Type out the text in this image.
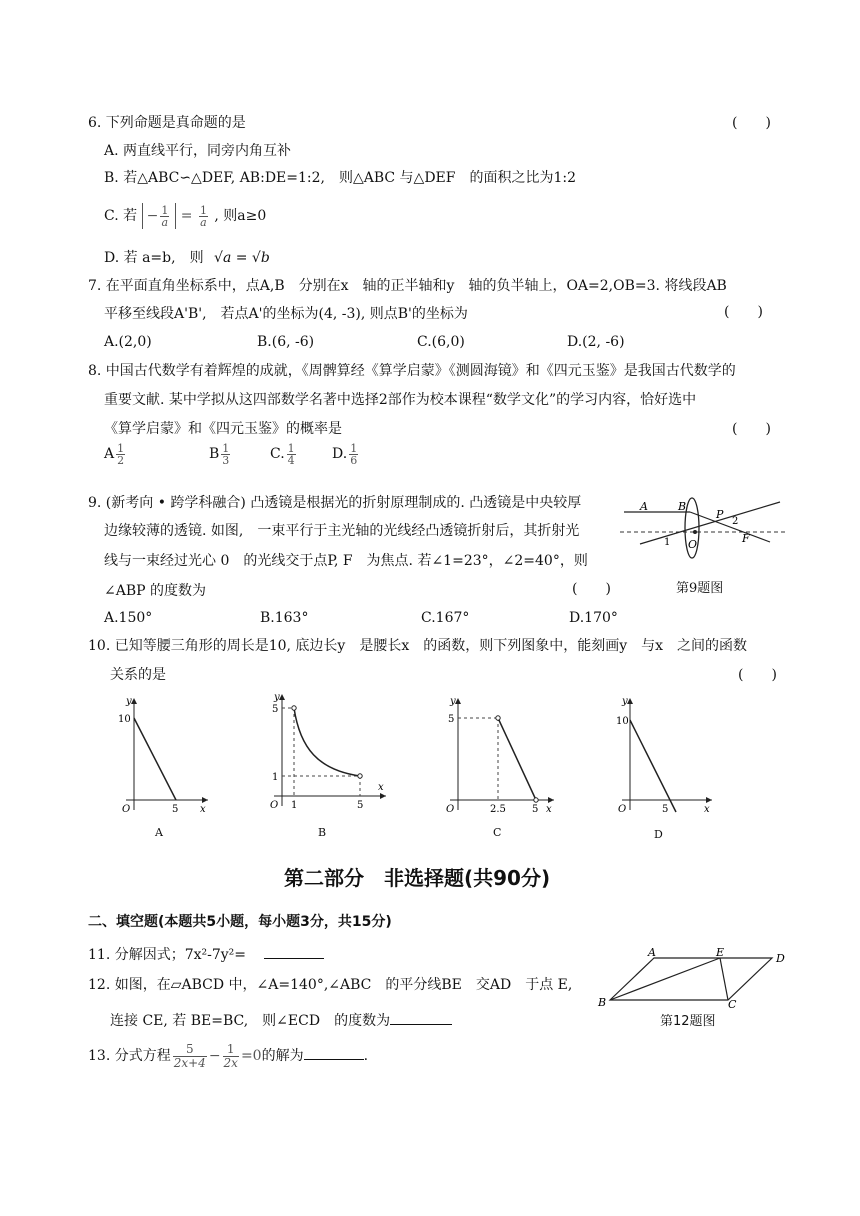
6. 下列命题是真命题的是	(　　)
A. 两直线平行，同旁内角互补
B. 若△ABC∽△DEF, AB:DE=1:2,　则△ABC 与△DEF　的面积之比为1:2
C. 若 − $\frac{1}{a} = \frac{1}{a}$ , 则a≥0
D. 若 a=b,　则 √a = √b
7. 在平面直角坐标系中，点A,B　分别在x　轴的正半轴和y　轴的负半轴上，OA=2,OB=3. 将线段AB
平移至线段A'B',　若点A'的坐标为(4, -3), 则点B'的坐标为	(　　)
A.(2,0)	B.(6, -6)	C.(6,0)	D.(2, -6)
8. 中国古代数学有着辉煌的成就，《周髀算经《算学启蒙》《测圆海镜》和《四元玉鉴》是我国古代数学的
重要文献. 某中学拟从这四部数学名著中选择2部作为校本课程“数学文化”的学习内容，恰好选中
《算学启蒙》和《四元玉鉴》的概率是	(　　)
A $\frac{1}{2}$	B $\frac{1}{3}$	C. $\frac{1}{4}$	D. $\frac{1}{6}$
9. (新考向 • 跨学科融合) 凸透镜是根据光的折射原理制成的. 凸透镜是中央较厚
边缘较薄的透镜. 如图,　一束平行于主光轴的光线经凸透镜折射后，其折射光
线与一束经过光心 0　的光线交于点P, F　为焦点. 若∠1=23°，∠2=40°，则
∠ABP 的度数为	(　　)
A.150°	B.163°	C.167°	D.170°
A	B
P
O	F
1
2
第9题图
10. 已知等腰三角形的周长是10, 底边长y　是腰长x　的函数，则下列图象中，能刻画y　与x　之间的函数
关系的是	(　　)
y
x
O
10
5
y
x
O
5
1
1	5
y
x
O
5
2.5	5
y
x
O
10
5
A	B	C	D
第二部分　非选择题(共90分)
二、填空题(本题共5小题，每小题3分，共15分)
11. 分解因式；7x²-7y²=
12. 如图，在▱ABCD 中，∠A=140°,∠ABC　的平分线BE　交AD　于点 E,
连接 CE, 若 BE=BC,　则∠ECD　的度数为
A	E	D
B	C
第12题图
13. 分式方程 $\frac{5}{2x+4} - \frac{1}{2x} =0$的解为	.
